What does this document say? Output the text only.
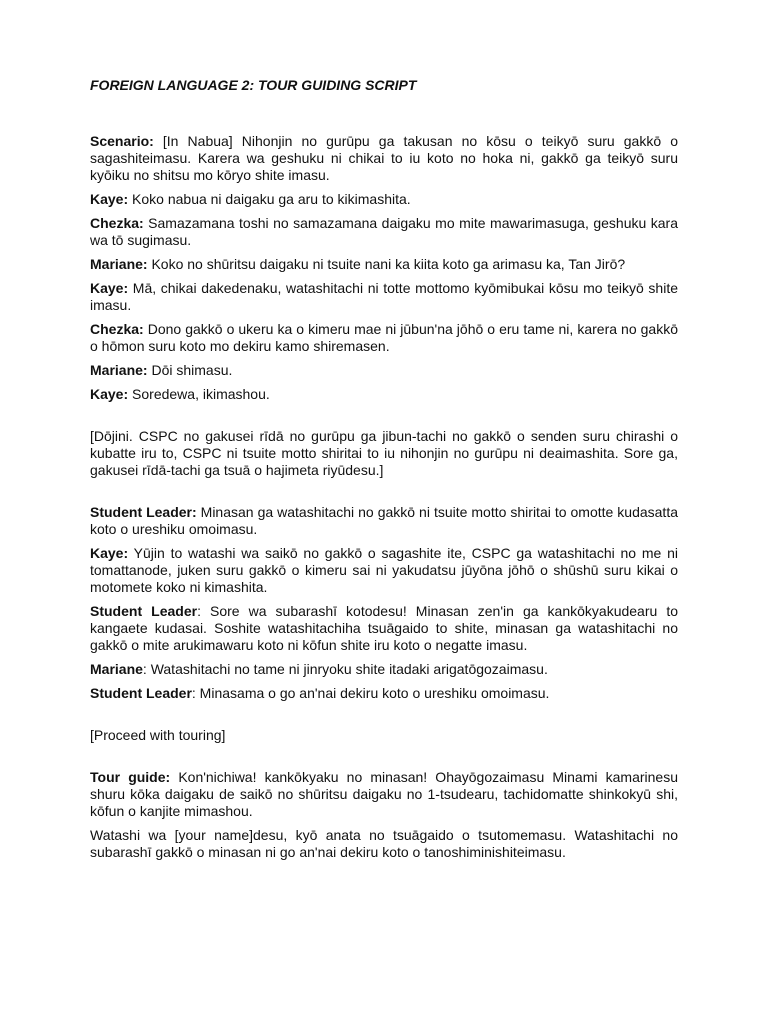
FOREIGN LANGUAGE 2: TOUR GUIDING SCRIPT

Scenario: [In Nabua] Nihonjin no gurūpu ga takusan no kōsu o teikyō suru gakkō o sagashiteimasu. Karera wa geshuku ni chikai to iu koto no hoka ni, gakkō ga teikyō suru kyōiku no shitsu mo kōryo shite imasu.

Kaye: Koko nabua ni daigaku ga aru to kikimashita.

Chezka: Samazamana toshi no samazamana daigaku mo mite mawarimasuga, geshuku kara wa tō sugimasu.

Mariane: Koko no shūritsu daigaku ni tsuite nani ka kiita koto ga arimasu ka, Tan Jirō?

Kaye: Mā, chikai dakedenaku, watashitachi ni totte mottomo kyōmibukai kōsu mo teikyō shite imasu.

Chezka: Dono gakkō o ukeru ka o kimeru mae ni jūbun'na jōhō o eru tame ni, karera no gakkō o hōmon suru koto mo dekiru kamo shiremasen.

Mariane: Dōi shimasu.

Kaye: Soredewa, ikimashou.

[Dōjini. CSPC no gakusei rīdā no gurūpu ga jibun-tachi no gakkō o senden suru chirashi o kubatte iru to, CSPC ni tsuite motto shiritai to iu nihonjin no gurūpu ni deaimashita. Sore ga, gakusei rīdā-tachi ga tsuā o hajimeta riyūdesu.]

Student Leader: Minasan ga watashitachi no gakkō ni tsuite motto shiritai to omotte kudasatta koto o ureshiku omoimasu.

Kaye: Yūjin to watashi wa saikō no gakkō o sagashite ite, CSPC ga watashitachi no me ni tomattanode, juken suru gakkō o kimeru sai ni yakudatsu jūyōna jōhō o shūshū suru kikai o motomete koko ni kimashita.

Student Leader: Sore wa subarashī kotodesu! Minasan zen'in ga kankōkyakudearu to kangaete kudasai. Soshite watashitachiha tsuāgaido to shite, minasan ga watashitachi no gakkō o mite arukimawaru koto ni kōfun shite iru koto o negatte imasu.

Mariane: Watashitachi no tame ni jinryoku shite itadaki arigatōgozaimasu.

Student Leader: Minasama o go an'nai dekiru koto o ureshiku omoimasu.

[Proceed with touring]

Tour guide: Kon'nichiwa! kankōkyaku no minasan! Ohayōgozaimasu Minami kamarinesu shuru kōka daigaku de saikō no shūritsu daigaku no 1-tsudearu, tachidomatte shinkokyū shi, kōfun o kanjite mimashou.

Watashi wa [your name]desu, kyō anata no tsuāgaido o tsutomemasu. Watashitachi no subarashī gakkō o minasan ni go an'nai dekiru koto o tanoshiminishiteimasu.
